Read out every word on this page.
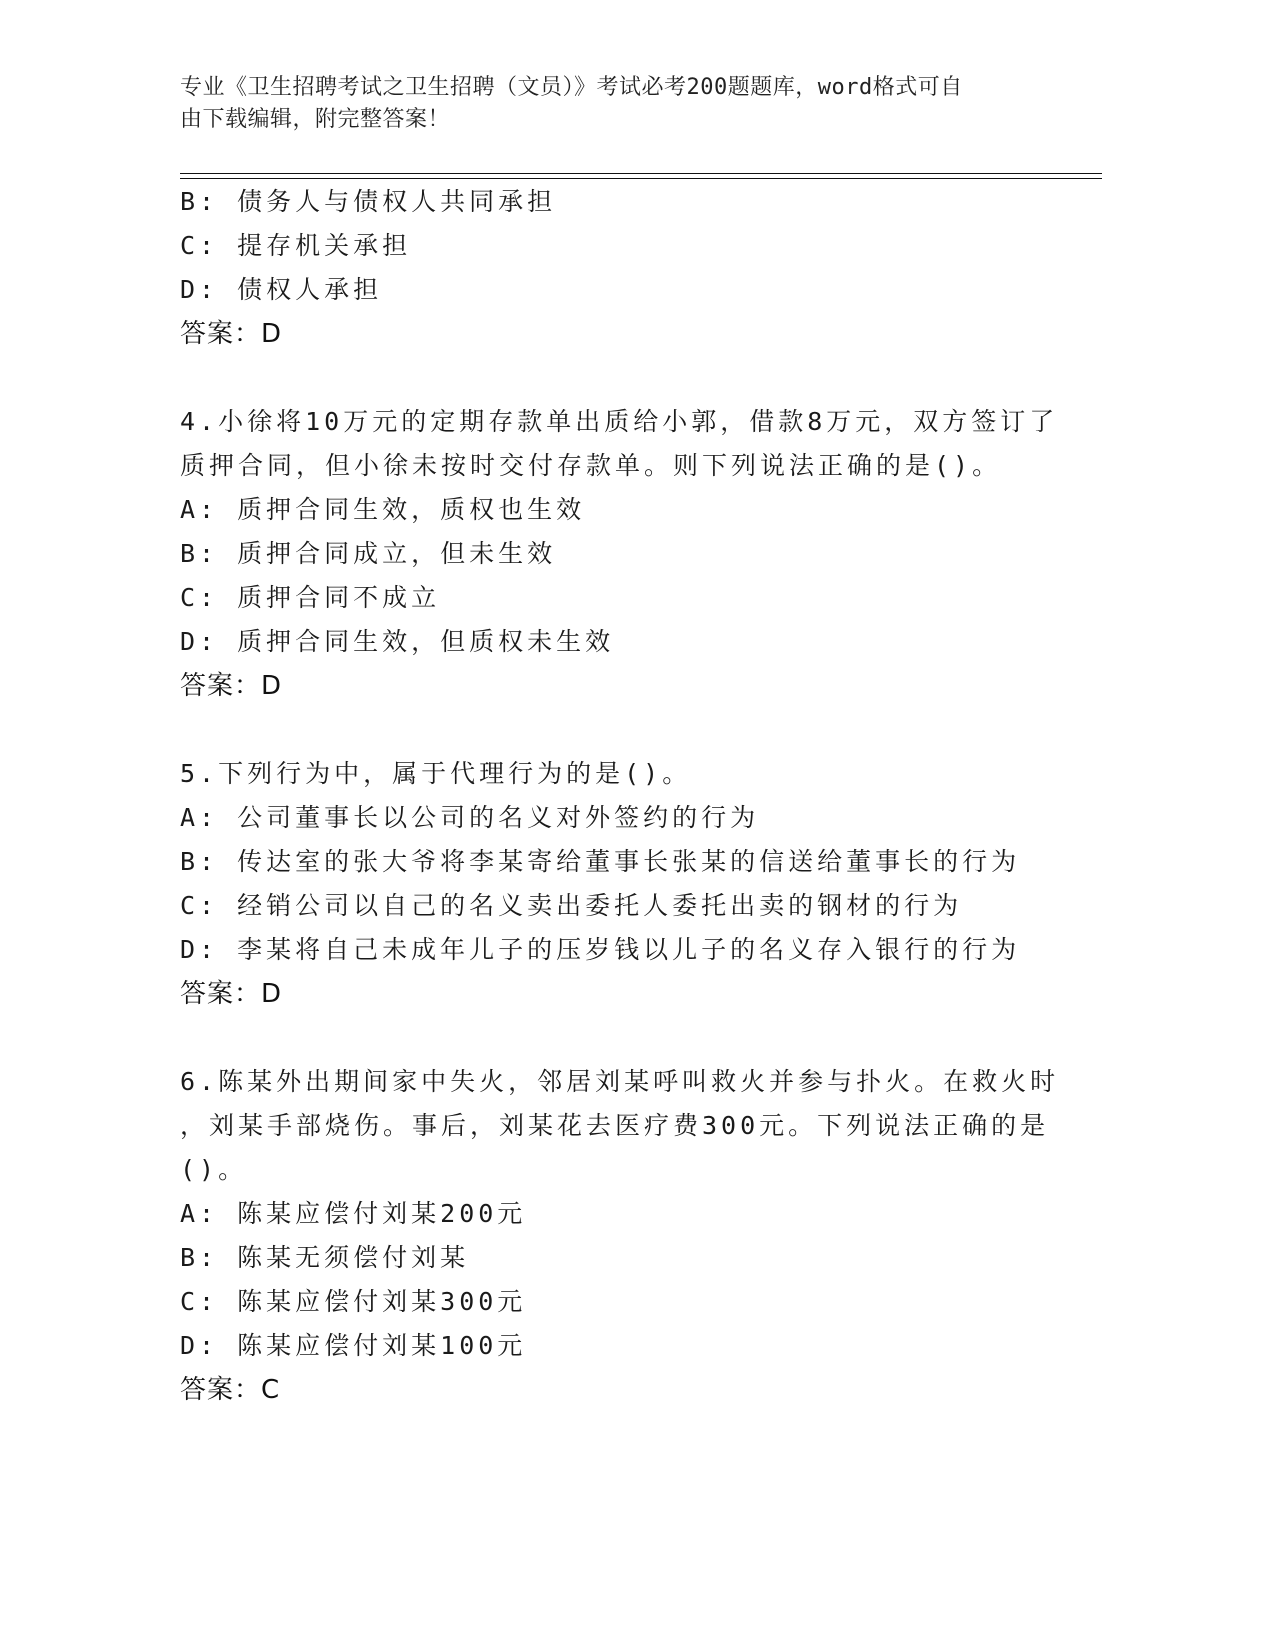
专业《卫生招聘考试之卫生招聘（文员）》考试必考200题题库，word格式可自
由下载编辑，附完整答案！
B: 债务人与债权人共同承担
C: 提存机关承担
D: 债权人承担
答案：D
4.小徐将10万元的定期存款单出质给小郭，借款8万元，双方签订了
质押合同，但小徐未按时交付存款单。则下列说法正确的是()。
A: 质押合同生效，质权也生效
B: 质押合同成立，但未生效
C: 质押合同不成立
D: 质押合同生效，但质权未生效
答案：D
5.下列行为中，属于代理行为的是()。
A: 公司董事长以公司的名义对外签约的行为
B: 传达室的张大爷将李某寄给董事长张某的信送给董事长的行为
C: 经销公司以自己的名义卖出委托人委托出卖的钢材的行为
D: 李某将自己未成年儿子的压岁钱以儿子的名义存入银行的行为
答案：D
6.陈某外出期间家中失火，邻居刘某呼叫救火并参与扑火。在救火时
，刘某手部烧伤。事后，刘某花去医疗费300元。下列说法正确的是
()。
A: 陈某应偿付刘某200元
B: 陈某无须偿付刘某
C: 陈某应偿付刘某300元
D: 陈某应偿付刘某100元
答案：C
